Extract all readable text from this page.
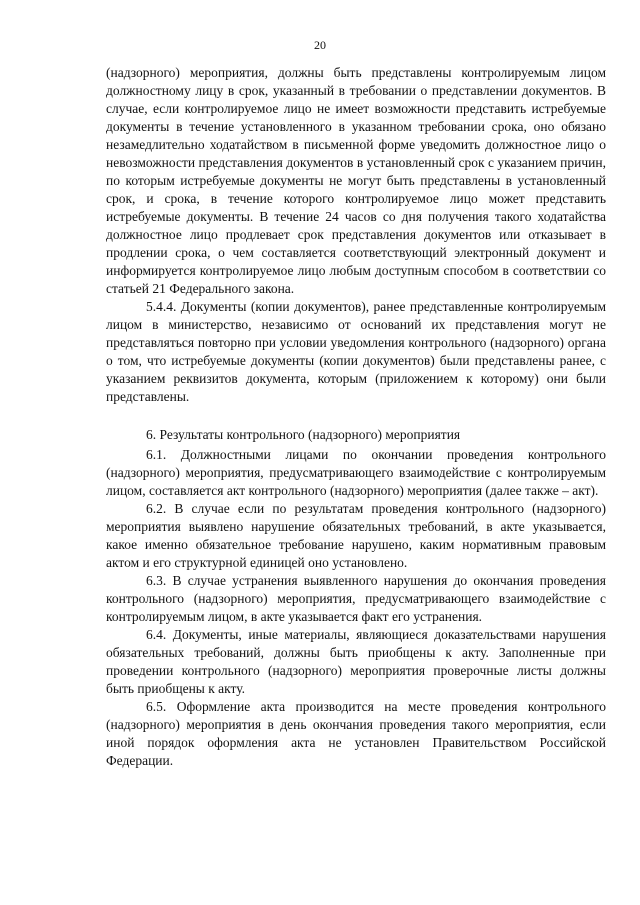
20

(надзорного) мероприятия, должны быть представлены контролируемым лицом должностному лицу в срок, указанный в требовании о представлении документов. В случае, если контролируемое лицо не имеет возможности представить истребуемые документы в течение установленного в указанном требовании срока, оно обязано незамедлительно ходатайством в письменной форме уведомить должностное лицо о невозможности представления документов в установленный срок с указанием причин, по которым истребуемые документы не могут быть представлены в установленный срок, и срока, в течение которого контролируемое лицо может представить истребуемые документы. В течение 24 часов со дня получения такого ходатайства должностное лицо продлевает срок представления документов или отказывает в продлении срока, о чем составляется соответствующий электронный документ и информируется контролируемое лицо любым доступным способом в соответствии со статьей 21 Федерального закона.

5.4.4. Документы (копии документов), ранее представленные контролируемым лицом в министерство, независимо от оснований их представления могут не представляться повторно при условии уведомления контрольного (надзорного) органа о том, что истребуемые документы (копии документов) были представлены ранее, с указанием реквизитов документа, которым (приложением к которому) они были представлены.

6. Результаты контрольного (надзорного) мероприятия

6.1. Должностными лицами по окончании проведения контрольного (надзорного) мероприятия, предусматривающего взаимодействие с контролируемым лицом, составляется акт контрольного (надзорного) мероприятия (далее также – акт).

6.2. В случае если по результатам проведения контрольного (надзорного) мероприятия выявлено нарушение обязательных требований, в акте указывается, какое именно обязательное требование нарушено, каким нормативным правовым актом и его структурной единицей оно установлено.

6.3. В случае устранения выявленного нарушения до окончания проведения контрольного (надзорного) мероприятия, предусматривающего взаимодействие с контролируемым лицом, в акте указывается факт его устранения.

6.4. Документы, иные материалы, являющиеся доказательствами нарушения обязательных требований, должны быть приобщены к акту. Заполненные при проведении контрольного (надзорного) мероприятия проверочные листы должны быть приобщены к акту.

6.5. Оформление акта производится на месте проведения контрольного (надзорного) мероприятия в день окончания проведения такого мероприятия, если иной порядок оформления акта не установлен Правительством Российской Федерации.
